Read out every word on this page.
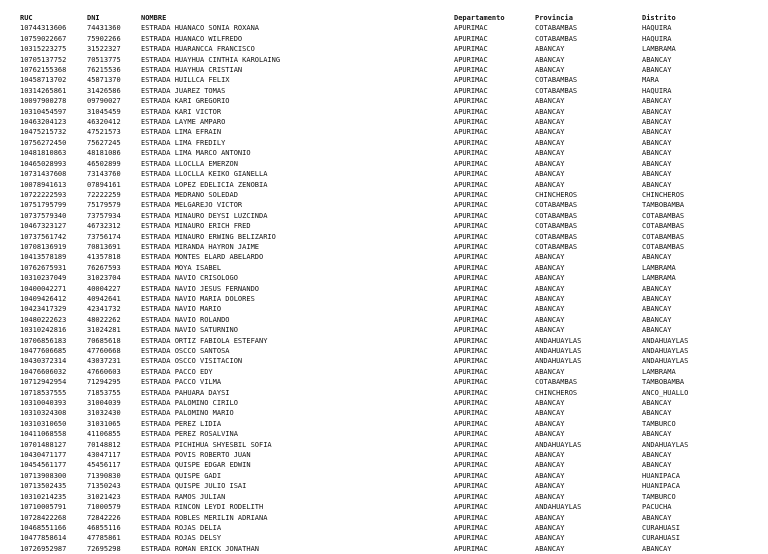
RUC	DNI	NOMBRE	Departamento	Provincia	Distrito
10744313606	74431360	ESTRADA HUANACO SONIA ROXANA	APURIMAC	COTABAMBAS	HAQUIRA
10759022667	75902266	ESTRADA HUANACO WILFREDO	APURIMAC	COTABAMBAS	HAQUIRA
10315223275	31522327	ESTRADA HUARANCCA FRANCISCO	APURIMAC	ABANCAY	LAMBRAMA
10705137752	70513775	ESTRADA HUAYHUA CINTHIA KAROLAING	APURIMAC	ABANCAY	ABANCAY
10762155368	76215536	ESTRADA HUAYHUA CRISTIAN	APURIMAC	ABANCAY	ABANCAY
10458713702	45871370	ESTRADA HUILLCA FELIX	APURIMAC	COTABAMBAS	MARA
10314265861	31426586	ESTRADA JUAREZ TOMAS	APURIMAC	COTABAMBAS	HAQUIRA
10097900278	09790027	ESTRADA KARI GREGORIO	APURIMAC	ABANCAY	ABANCAY
10310454597	31045459	ESTRADA KARI VICTOR	APURIMAC	ABANCAY	ABANCAY
10463204123	46320412	ESTRADA LAYME AMPARO	APURIMAC	ABANCAY	ABANCAY
10475215732	47521573	ESTRADA LIMA EFRAIN	APURIMAC	ABANCAY	ABANCAY
10756272450	75627245	ESTRADA LIMA FREDILY	APURIMAC	ABANCAY	ABANCAY
10481810863	48181086	ESTRADA LIMA MARCO ANTONIO	APURIMAC	ABANCAY	ABANCAY
10465028993	46502899	ESTRADA LLOCLLA EMERZON	APURIMAC	ABANCAY	ABANCAY
10731437608	73143760	ESTRADA LLOCLLA KEIKO GIANELLA	APURIMAC	ABANCAY	ABANCAY
10078941613	07894161	ESTRADA LOPEZ EDELICIA ZENOBIA	APURIMAC	ABANCAY	ABANCAY
10722222593	72222259	ESTRADA MEDRANO SOLEDAD	APURIMAC	CHINCHEROS	CHINCHEROS
10751795799	75179579	ESTRADA MELGAREJO VICTOR	APURIMAC	COTABAMBAS	TAMBOBAMBA
10737579340	73757934	ESTRADA MINAURO DEYSI LUZCINDA	APURIMAC	COTABAMBAS	COTABAMBAS
10467323127	46732312	ESTRADA MINAURO ERICH FRED	APURIMAC	COTABAMBAS	COTABAMBAS
10737561742	73756174	ESTRADA MINAURO ERWING BELIZARIO	APURIMAC	COTABAMBAS	COTABAMBAS
10708136919	70813691	ESTRADA MIRANDA HAYRON JAIME	APURIMAC	COTABAMBAS	COTABAMBAS
10413578189	41357818	ESTRADA MONTES ELARD ABELARDO	APURIMAC	ABANCAY	ABANCAY
10762675931	76267593	ESTRADA MOYA ISABEL	APURIMAC	ABANCAY	LAMBRAMA
10310237049	31023704	ESTRADA NAVIO CRISOLOGO	APURIMAC	ABANCAY	LAMBRAMA
10400042271	40004227	ESTRADA NAVIO JESUS FERNANDO	APURIMAC	ABANCAY	ABANCAY
10409426412	40942641	ESTRADA NAVIO MARIA DOLORES	APURIMAC	ABANCAY	ABANCAY
10423417329	42341732	ESTRADA NAVIO MARIO	APURIMAC	ABANCAY	ABANCAY
10480222623	48022262	ESTRADA NAVIO ROLANDO	APURIMAC	ABANCAY	ABANCAY
10310242816	31024281	ESTRADA NAVIO SATURNINO	APURIMAC	ABANCAY	ABANCAY
10706856183	70685618	ESTRADA ORTIZ FABIOLA ESTEFANY	APURIMAC	ANDAHUAYLAS	ANDAHUAYLAS
10477606685	47760668	ESTRADA OSCCO SANTOSA	APURIMAC	ANDAHUAYLAS	ANDAHUAYLAS
10430372314	43037231	ESTRADA OSCCO VISITACION	APURIMAC	ANDAHUAYLAS	ANDAHUAYLAS
10476606032	47660603	ESTRADA PACCO EDY	APURIMAC	ABANCAY	LAMBRAMA
10712942954	71294295	ESTRADA PACCO VILMA	APURIMAC	COTABAMBAS	TAMBOBAMBA
10718537555	71853755	ESTRADA PAHUARA DAYSI	APURIMAC	CHINCHEROS	ANCO_HUALLO
10310040393	31004039	ESTRADA PALOMINO CIRILO	APURIMAC	ABANCAY	ABANCAY
10310324308	31032430	ESTRADA PALOMINO MARIO	APURIMAC	ABANCAY	ABANCAY
10310310650	31031065	ESTRADA PEREZ LIDIA	APURIMAC	ABANCAY	TAMBURCO
10411068558	41106855	ESTRADA PEREZ ROSALVINA	APURIMAC	ABANCAY	ABANCAY
10701488127	70148812	ESTRADA PICHIHUA SHYESBIL SOFIA	APURIMAC	ANDAHUAYLAS	ANDAHUAYLAS
10430471177	43047117	ESTRADA POVIS ROBERTO JUAN	APURIMAC	ABANCAY	ABANCAY
10454561177	45456117	ESTRADA QUISPE EDGAR EDWIN	APURIMAC	ABANCAY	ABANCAY
10713908300	71390830	ESTRADA QUISPE GADI	APURIMAC	ABANCAY	HUANIPACA
10713502435	71350243	ESTRADA QUISPE JULIO ISAI	APURIMAC	ABANCAY	HUANIPACA
10310214235	31021423	ESTRADA RAMOS JULIAN	APURIMAC	ABANCAY	TAMBURCO
10710005791	71000579	ESTRADA RINCON LEYDI RODELITH	APURIMAC	ANDAHUAYLAS	PACUCHA
10728422268	72842226	ESTRADA ROBLES MERILIN ADRIANA	APURIMAC	ABANCAY	ABANCAY
10468551166	46855116	ESTRADA ROJAS DELIA	APURIMAC	ABANCAY	CURAHUASI
10477858614	47785861	ESTRADA ROJAS DELSY	APURIMAC	ABANCAY	CURAHUASI
10726952987	72695298	ESTRADA ROMAN ERICK JONATHAN	APURIMAC	ABANCAY	ABANCAY
